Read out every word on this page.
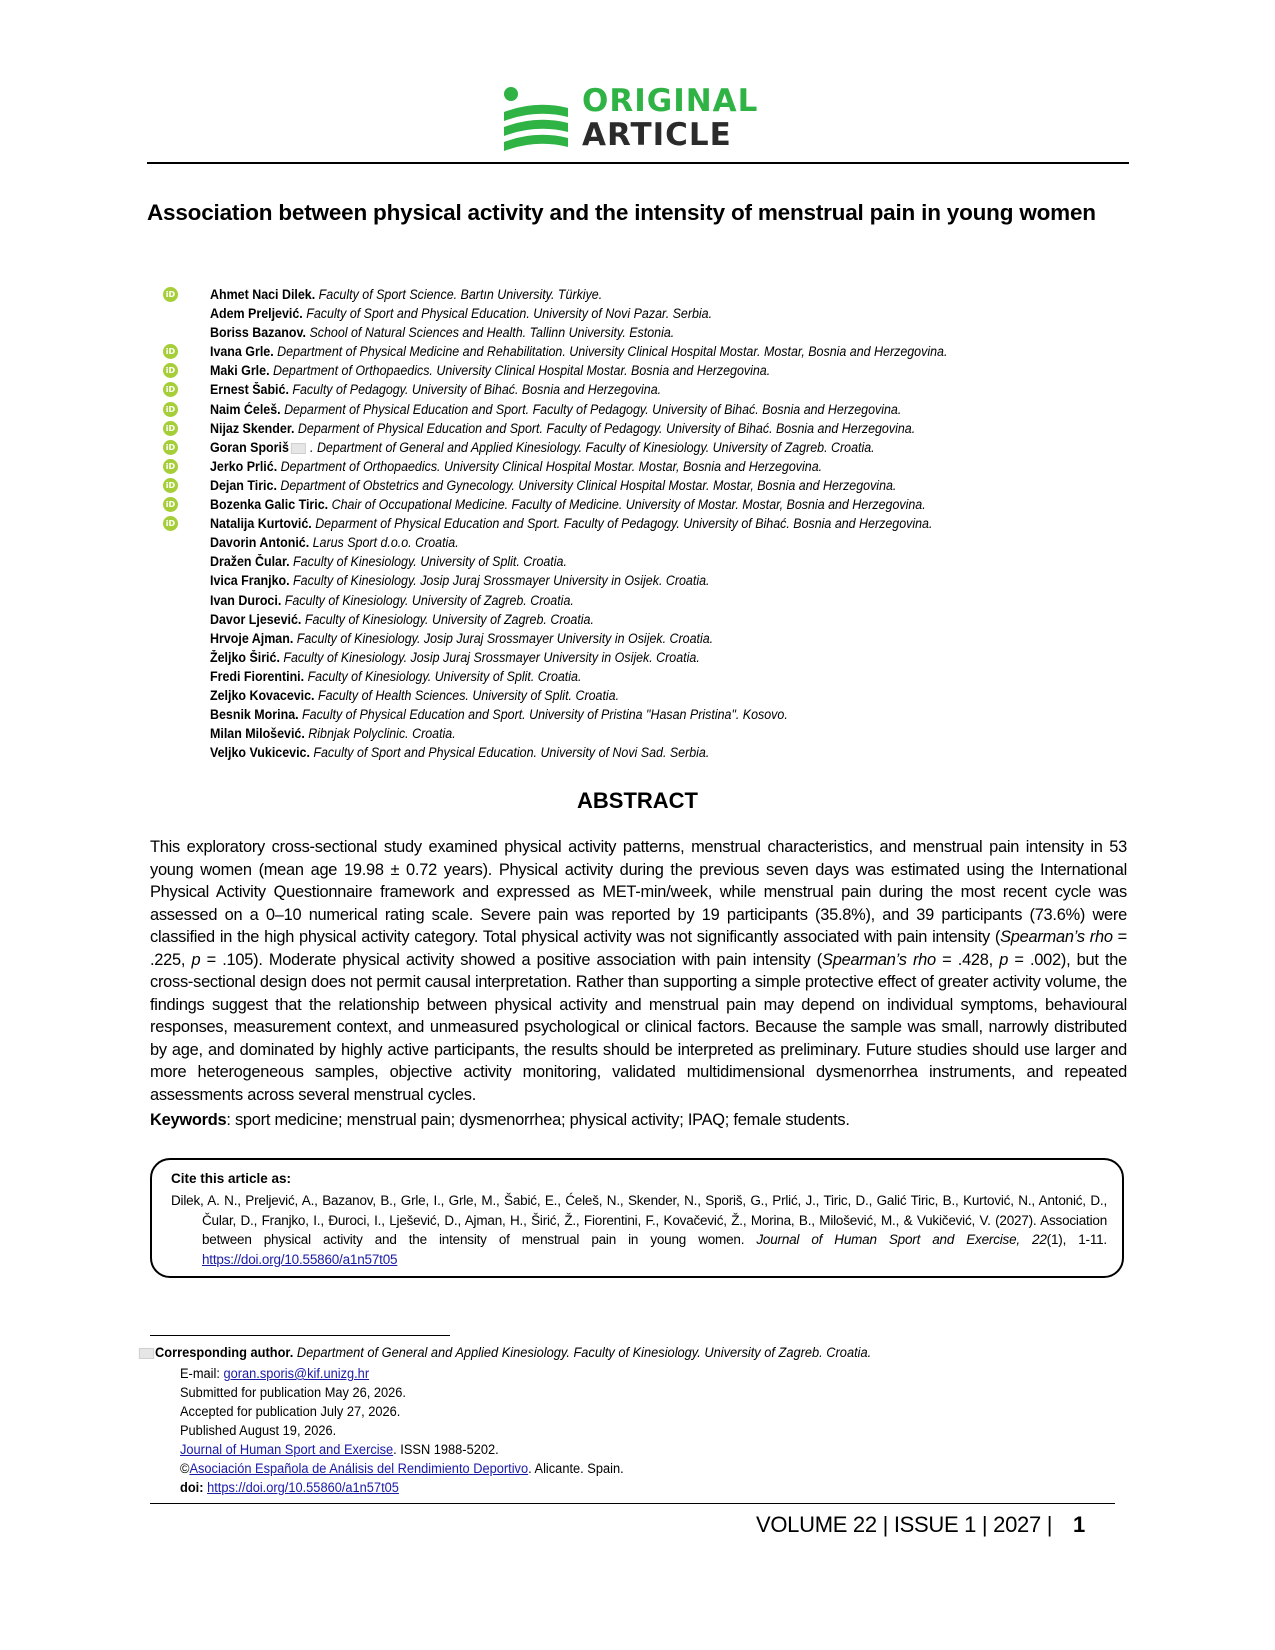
ORIGINAL
ARTICLE
Association between physical activity and the intensity of menstrual pain in young women
iD	Ahmet Naci Dilek. Faculty of Sport Science. Bartın University. Türkiye.
Adem Preljević. Faculty of Sport and Physical Education. University of Novi Pazar. Serbia.
Boriss Bazanov. School of Natural Sciences and Health. Tallinn University. Estonia.
iD	Ivana Grle. Department of Physical Medicine and Rehabilitation. University Clinical Hospital Mostar. Mostar, Bosnia and Herzegovina.
iD	Maki Grle. Department of Orthopaedics. University Clinical Hospital Mostar. Bosnia and Herzegovina.
iD	Ernest Šabić. Faculty of Pedagogy. University of Bihać. Bosnia and Herzegovina.
iD	Naim Ćeleš. Deparment of Physical Education and Sport. Faculty of Pedagogy. University of Bihać. Bosnia and Herzegovina.
iD	Nijaz Skender. Deparment of Physical Education and Sport. Faculty of Pedagogy. University of Bihać. Bosnia and Herzegovina.
iD	Goran Sporiš . Department of General and Applied Kinesiology. Faculty of Kinesiology. University of Zagreb. Croatia.
iD	Jerko Prlić. Department of Orthopaedics. University Clinical Hospital Mostar. Mostar, Bosnia and Herzegovina.
iD	Dejan Tiric. Department of Obstetrics and Gynecology. University Clinical Hospital Mostar. Mostar, Bosnia and Herzegovina.
iD	Bozenka Galic Tiric. Chair of Occupational Medicine. Faculty of Medicine. University of Mostar. Mostar, Bosnia and Herzegovina.
iD	Natalija Kurtović. Deparment of Physical Education and Sport. Faculty of Pedagogy. University of Bihać. Bosnia and Herzegovina.
Davorin Antonić. Larus Sport d.o.o. Croatia.
Dražen Čular. Faculty of Kinesiology. University of Split. Croatia.
Ivica Franjko. Faculty of Kinesiology. Josip Juraj Srossmayer University in Osijek. Croatia.
Ivan Duroci. Faculty of Kinesiology. University of Zagreb. Croatia.
Davor Ljesević. Faculty of Kinesiology. University of Zagreb. Croatia.
Hrvoje Ajman. Faculty of Kinesiology. Josip Juraj Srossmayer University in Osijek. Croatia.
Željko Širić. Faculty of Kinesiology. Josip Juraj Srossmayer University in Osijek. Croatia.
Fredi Fiorentini. Faculty of Kinesiology. University of Split. Croatia.
Zeljko Kovacevic. Faculty of Health Sciences. University of Split. Croatia.
Besnik Morina. Faculty of Physical Education and Sport. University of Pristina "Hasan Pristina". Kosovo.
Milan Milošević. Ribnjak Polyclinic. Croatia.
Veljko Vukicevic. Faculty of Sport and Physical Education. University of Novi Sad. Serbia.
ABSTRACT
This exploratory cross-sectional study examined physical activity patterns, menstrual characteristics, and menstrual pain intensity in 53 young women (mean age 19.98 ± 0.72 years). Physical activity during the previous seven days was estimated using the International Physical Activity Questionnaire framework and expressed as MET-min/week, while menstrual pain during the most recent cycle was assessed on a 0–10 numerical rating scale. Severe pain was reported by 19 participants (35.8%), and 39 participants (73.6%) were classified in the high physical activity category. Total physical activity was not significantly associated with pain intensity (Spearman’s rho = .225, p = .105). Moderate physical activity showed a positive association with pain intensity (Spearman’s rho = .428, p = .002), but the cross-sectional design does not permit causal interpretation. Rather than supporting a simple protective effect of greater activity volume, the findings suggest that the relationship between physical activity and menstrual pain may depend on individual symptoms, behavioural responses, measurement context, and unmeasured psychological or clinical factors. Because the sample was small, narrowly distributed by age, and dominated by highly active participants, the results should be interpreted as preliminary. Future studies should use larger and more heterogeneous samples, objective activity monitoring, validated multidimensional dysmenorrhea instruments, and repeated assessments across several menstrual cycles.
Keywords: sport medicine; menstrual pain; dysmenorrhea; physical activity; IPAQ; female students.
Cite this article as:
Dilek, A. N., Preljević, A., Bazanov, B., Grle, I., Grle, M., Šabić, E., Ćeleš, N., Skender, N., Sporiš, G., Prlić, J., Tiric, D., Galić Tiric, B., Kurtović, N., Antonić, D., Čular, D., Franjko, I., Đuroci, I., Lješević, D., Ajman, H., Širić, Ž., Fiorentini, F., Kovačević, Ž., Morina, B., Milošević, M., & Vukičević, V. (2027). Association between physical activity and the intensity of menstrual pain in young women. Journal of Human Sport and Exercise, 22(1), 1-11. https://doi.org/10.55860/a1n57t05
Corresponding author. Department of General and Applied Kinesiology. Faculty of Kinesiology. University of Zagreb. Croatia.
E-mail: goran.sporis@kif.unizg.hr
Submitted for publication May 26, 2026.
Accepted for publication July 27, 2026.
Published August 19, 2026.
Journal of Human Sport and Exercise. ISSN 1988-5202.
©Asociación Española de Análisis del Rendimiento Deportivo. Alicante. Spain.
doi: https://doi.org/10.55860/a1n57t05
VOLUME 22 | ISSUE 1 | 2027 | 1
